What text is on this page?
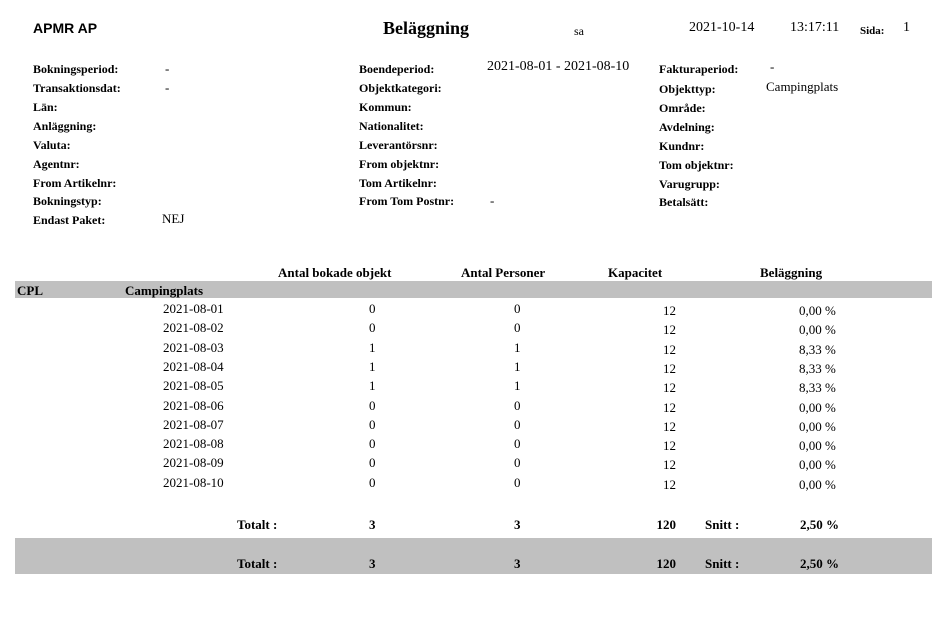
APMR AP	Beläggning	sa	2021-10-14	13:17:11 Sida: 1
Bokningsperiod:	-
Transaktionsdat:	-
Län:
Anläggning:
Valuta:
Agentnr:
From Artikelnr:
Bokningstyp:
Endast Paket:	NEJ
Boendeperiod:	2021-08-01 - 2021-08-10
Objektkategori:
Kommun:
Nationalitet:
Leverantörsnr:
From objektnr:
Tom Artikelnr:
From Tom Postnr:	-
Fakturaperiod: -
Objekttyp:	Campingplats
Område:
Avdelning:
Kundnr:
Tom objektnr:
Varugrupp:
Betalsätt:
Antal bokade objekt	Antal Personer	Kapacitet	Beläggning
CPL	Campingplats
2021-08-01	0	0	12	0,00 %
2021-08-02	0	0	12	0,00 %
2021-08-03	1	1	12	8,33 %
2021-08-04	1	1	12	8,33 %
2021-08-05	1	1	12	8,33 %
2021-08-06	0	0	12	0,00 %
2021-08-07	0	0	12	0,00 %
2021-08-08	0	0	12	0,00 %
2021-08-09	0	0	12	0,00 %
2021-08-10	0	0	12	0,00 %
Totalt :	3	3	120 Snitt :	2,50 %
Totalt :	3	3	120 Snitt :	2,50 %
